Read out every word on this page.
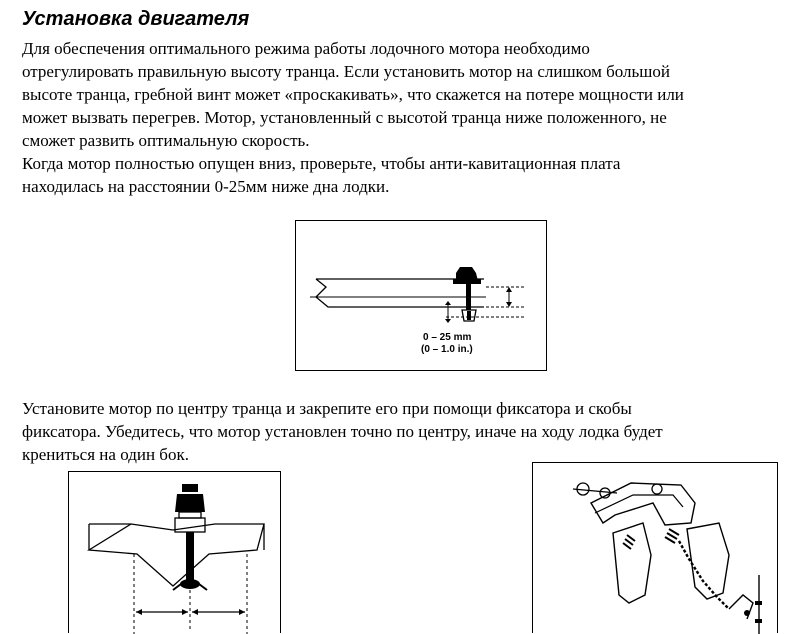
Установка двигателя

Для обеспечения оптимального режима работы лодочного мотора необходимо
отрегулировать правильную высоту транца. Если установить мотор на слишком большой
высоте транца, гребной винт может «проскакивать», что скажется на потере мощности или
может вызвать перегрев. Мотор, установленный с высотой транца ниже положенного, не
сможет развить оптимальную скорость.
Когда мотор полностью опущен вниз, проверьте, чтобы анти-кавитационная плата
находилась на расстоянии 0-25мм ниже дна лодки.

0 – 25 mm
(0 – 1.0 in.)

Установите мотор по центру транца и закрепите его при помощи фиксатора и скобы
фиксатора. Убедитесь, что мотор установлен точно по центру, иначе на ходу лодка будет
крениться на один бок.
